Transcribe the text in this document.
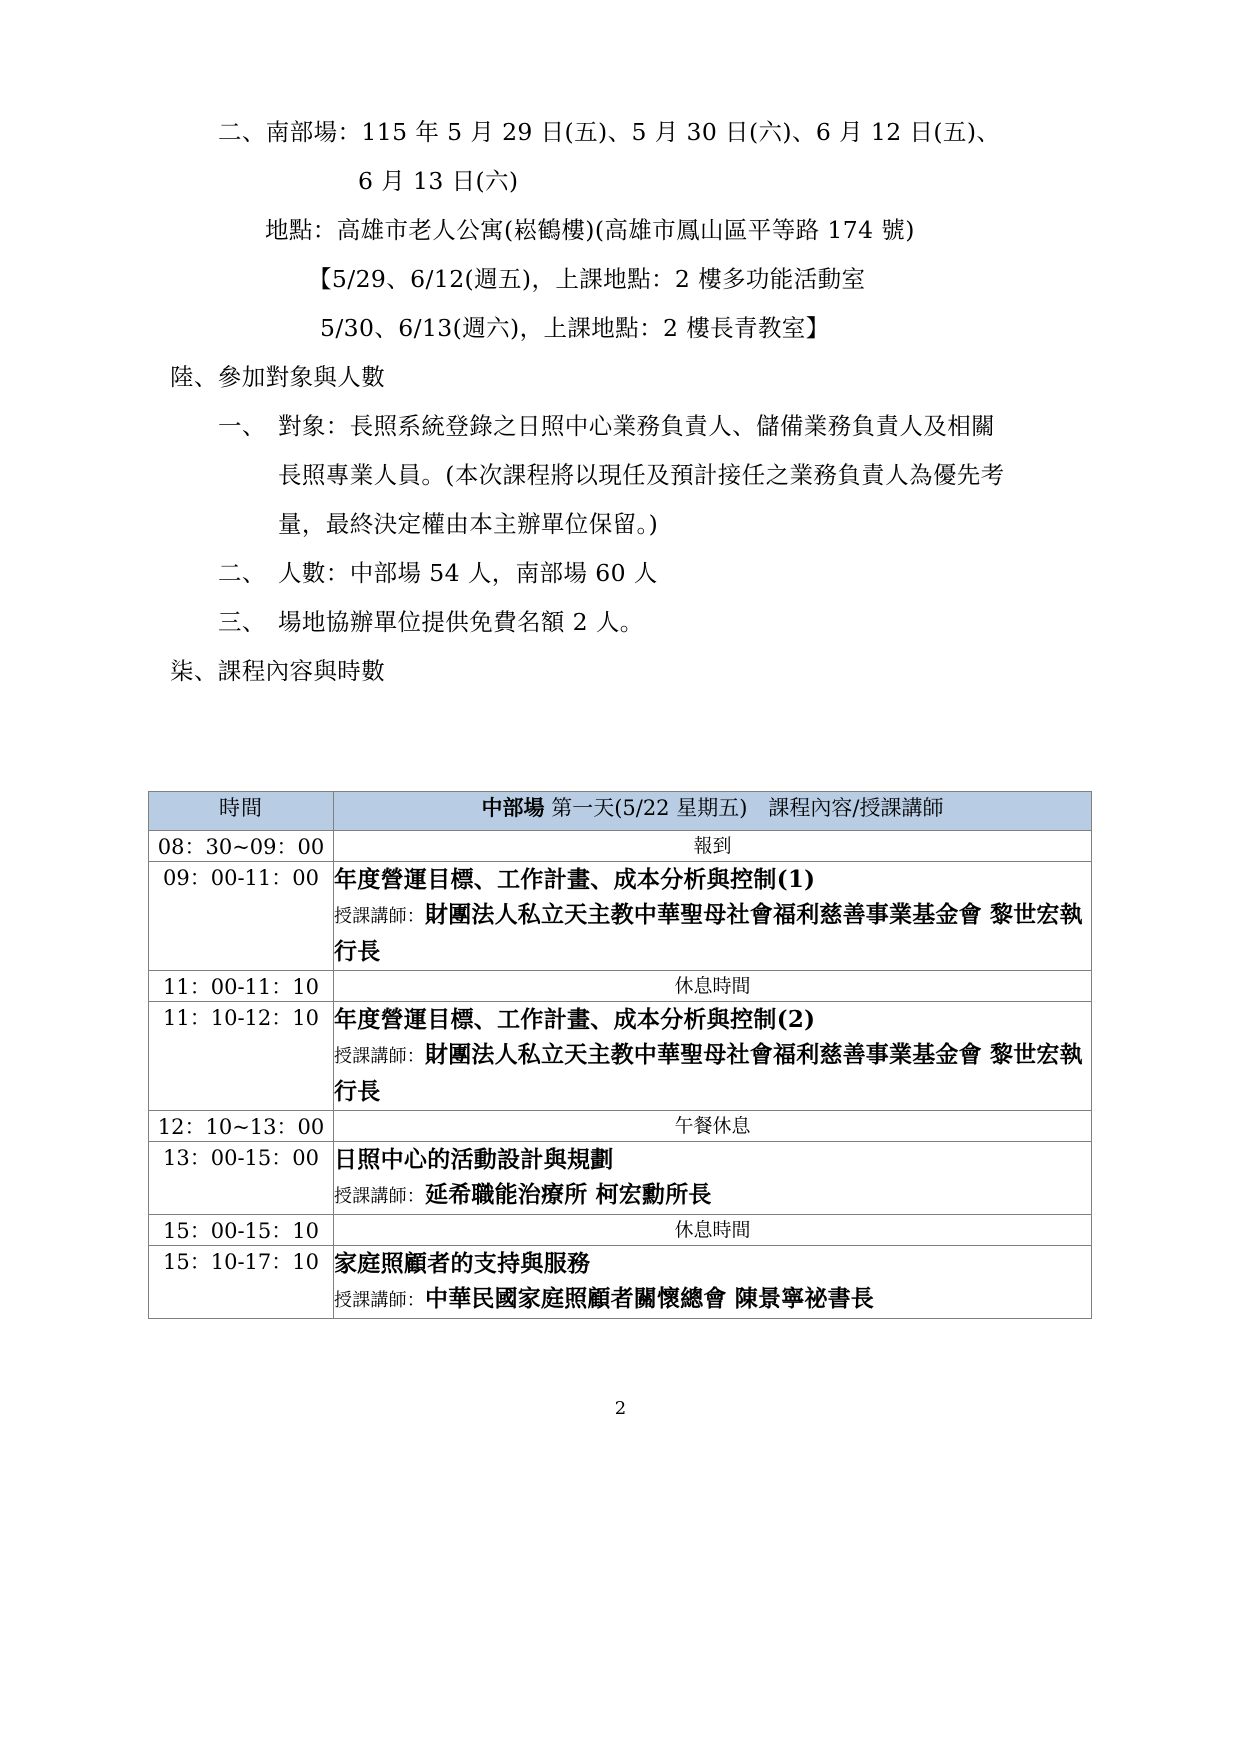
二、南部場：115 年 5 月 29 日(五)、5 月 30 日(六)、6 月 12 日(五)、
6 月 13 日(六)
地點：高雄市老人公寓(崧鶴樓)(高雄市鳳山區平等路 174 號)
【5/29、6/12(週五)，上課地點：2 樓多功能活動室
5/30、6/13(週六)，上課地點：2 樓長青教室】
陸、參加對象與人數
一、 對象：長照系統登錄之日照中心業務負責人、儲備業務負責人及相關
長照專業人員。(本次課程將以現任及預計接任之業務負責人為優先考
量，最終決定權由本主辦單位保留。)
二、 人數：中部場 54 人，南部場 60 人
三、 場地協辦單位提供免費名額 2 人。
柒、課程內容與時數
時間	中部場 第一天(5/22 星期五)　課程內容/授課講師
08：30~09：00	報到
09：00-11：00	年度營運目標、工作計畫、成本分析與控制(1)
授課講師：財團法人私立天主教中華聖母社會福利慈善事業基金會 黎世宏執行長

11：00-11：10	休息時間
11：10-12：10	年度營運目標、工作計畫、成本分析與控制(2)
授課講師：財團法人私立天主教中華聖母社會福利慈善事業基金會 黎世宏執行長

12：10~13：00	午餐休息
13：00-15：00	日照中心的活動設計與規劃
授課講師：延希職能治療所 柯宏勳所長

15：00-15：10	休息時間
15：10-17：10	家庭照顧者的支持與服務
授課講師：中華民國家庭照顧者關懷總會 陳景寧祕書長
2
